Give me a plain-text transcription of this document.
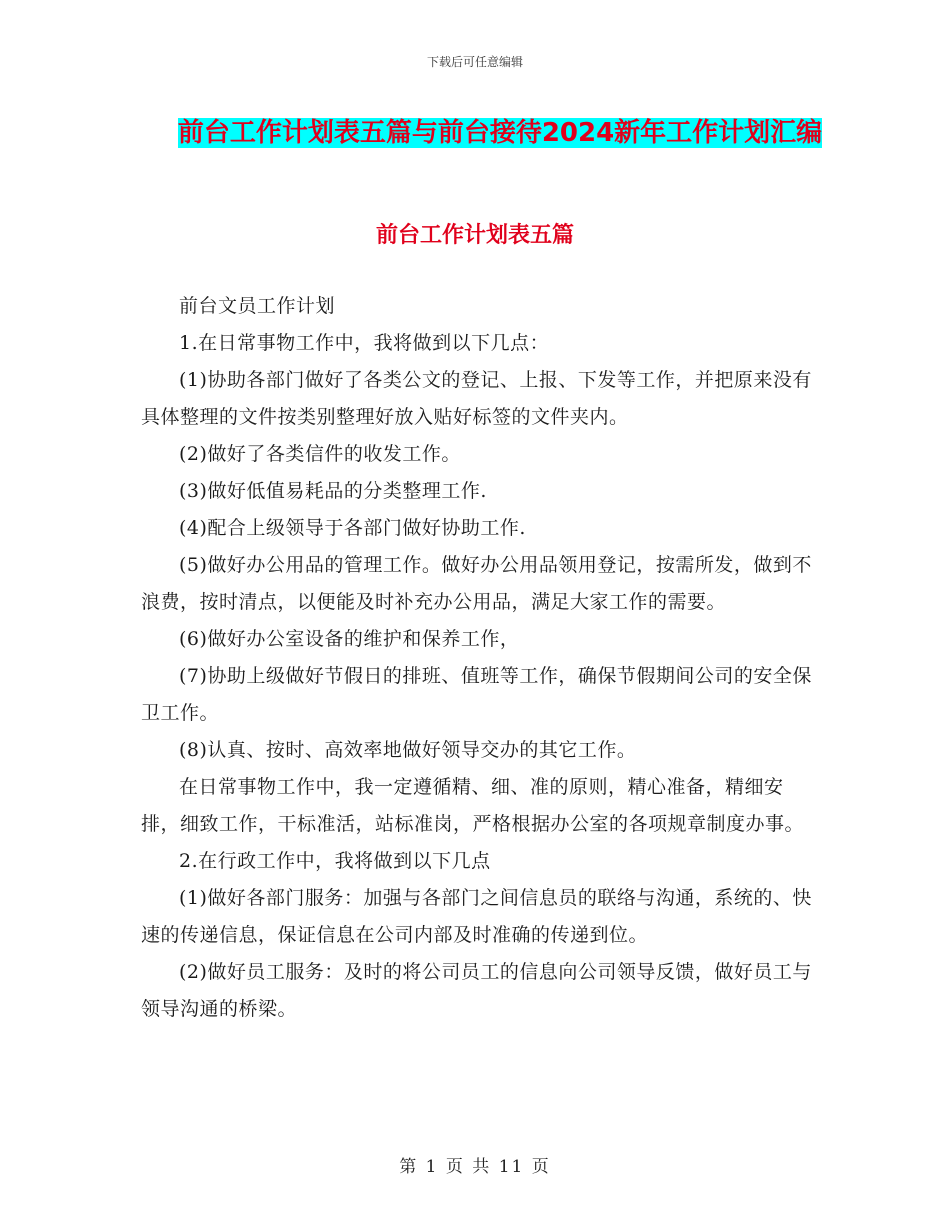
下载后可任意编辑
前台工作计划表五篇与前台接待2024新年工作计划汇编
前台工作计划表五篇

前台文员工作计划

1.在日常事物工作中，我将做到以下几点：

(1)协助各部门做好了各类公文的登记、上报、下发等工作，并把原来没有具体整理的文件按类别整理好放入贴好标签的文件夹内。

(2)做好了各类信件的收发工作。

(3)做好低值易耗品的分类整理工作.

(4)配合上级领导于各部门做好协助工作.

(5)做好办公用品的管理工作。做好办公用品领用登记，按需所发，做到不浪费，按时清点，以便能及时补充办公用品，满足大家工作的需要。

(6)做好办公室设备的维护和保养工作，

(7)协助上级做好节假日的排班、值班等工作，确保节假期间公司的安全保卫工作。

(8)认真、按时、高效率地做好领导交办的其它工作。

在日常事物工作中，我一定遵循精、细、准的原则，精心准备，精细安排，细致工作，干标准活，站标准岗，严格根据办公室的各项规章制度办事。

2.在行政工作中，我将做到以下几点

(1)做好各部门服务：加强与各部门之间信息员的联络与沟通，系统的、快速的传递信息，保证信息在公司内部及时准确的传递到位。

(2)做好员工服务：及时的将公司员工的信息向公司领导反馈，做好员工与领导沟通的桥梁。

第 1 页 共 11 页
